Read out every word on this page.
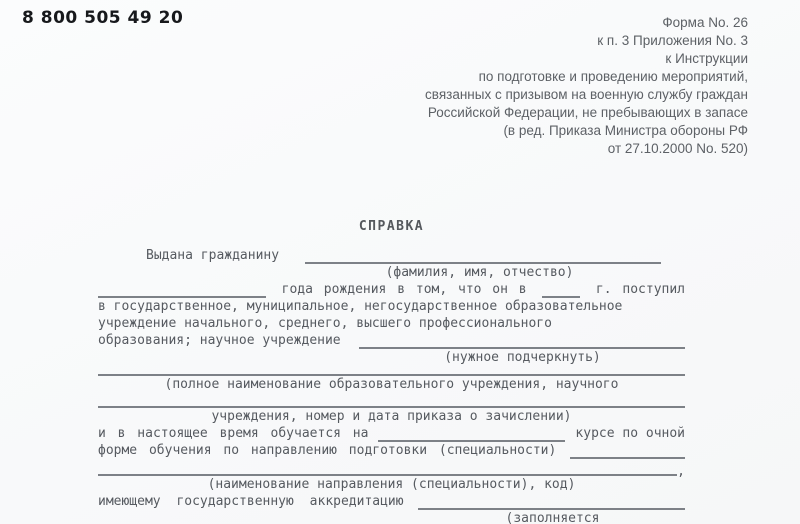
8 800 505 49 20	Форма No. 26
к п. 3 Приложения No. 3
к Инструкции
по подготовке и проведению мероприятий,
связанных с призывом на военную службу граждан
Российской Федерации, не пребывающих в запасе
(в ред. Приказа Министра обороны РФ
от 27.10.2000 No. 520)
СПРАВКА
Выдана гражданину
(фамилия, имя, отчество)
года рождения в том, что он в	г. поступил
в государственное, муниципальное, негосударственное образовательное
учреждение начального, среднего, высшего профессионального
образования; научное учреждение
(нужное подчеркнуть)
(полное наименование образовательного учреждения, научного
учреждения, номер и дата приказа о зачислении)
и в настоящее время обучается на	курсе по очной
форме обучения по направлению подготовки (специальности)
,
(наименование направления (специальности), код)
имеющему государственную аккредитацию
(заполняется
